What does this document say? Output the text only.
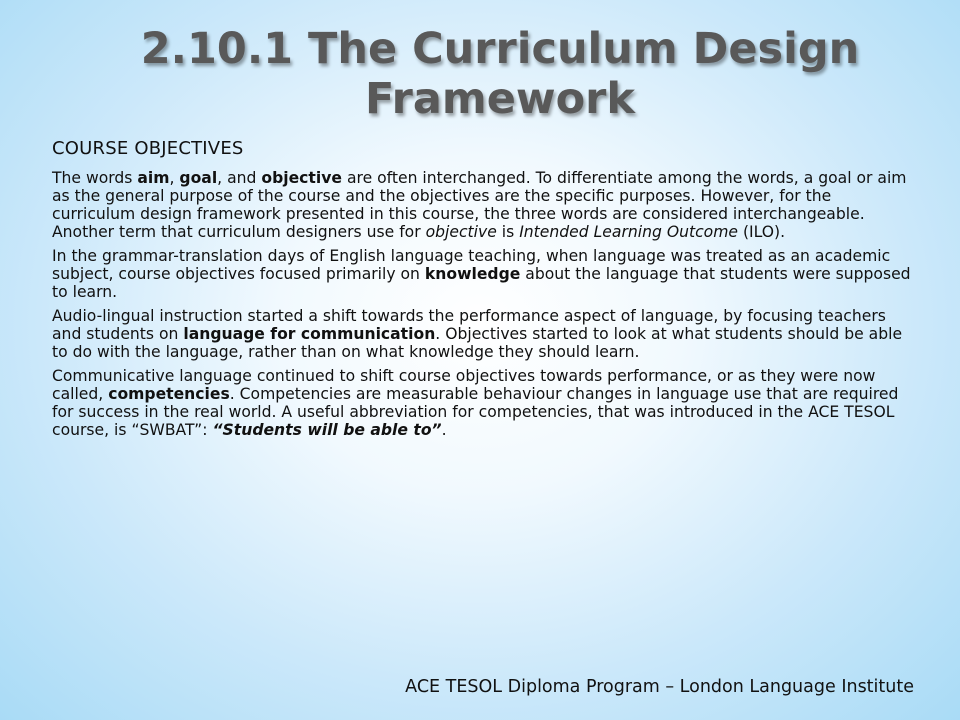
2.10.1 The Curriculum Design
Framework
COURSE OBJECTIVES

The words aim, goal, and objective are often interchanged. To differentiate among the words, a goal or aim as the general purpose of the course and the objectives are the specific purposes. However, for the curriculum design framework presented in this course, the three words are considered interchangeable. Another term that curriculum designers use for objective is Intended Learning Outcome (ILO).

In the grammar-translation days of English language teaching, when language was treated as an academic subject, course objectives focused primarily on knowledge about the language that students were supposed to learn.

Audio-lingual instruction started a shift towards the performance aspect of language, by focusing teachers and students on language for communication. Objectives started to look at what students should be able to do with the language, rather than on what knowledge they should learn.

Communicative language continued to shift course objectives towards performance, or as they were now called, competencies. Competencies are measurable behaviour changes in language use that are required for success in the real world. A useful abbreviation for competencies, that was introduced in the ACE TESOL course, is “SWBAT”: “Students will be able to”.

ACE TESOL Diploma Program – London Language Institute
